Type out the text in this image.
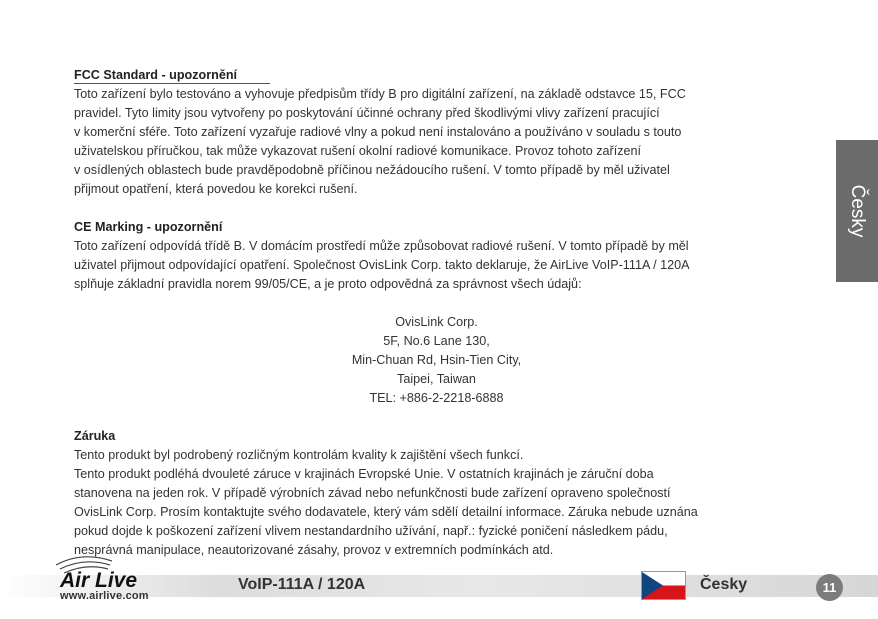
FCC Standard - upozornění

Toto zařízení bylo testováno a vyhovuje předpisům třídy B pro digitální zařízení, na základě odstavce 15, FCC

pravidel. Tyto limity jsou vytvořeny po poskytování účinné ochrany před škodlivými vlivy zařízení pracující

v komerční sféře. Toto zařízení vyzařuje radiové vlny a pokud není instalováno a používáno v souladu s touto

uživatelskou příručkou, tak může vykazovat rušení okolní radiové komunikace. Provoz tohoto zařízení

v osídlených oblastech bude pravděpodobně příčinou nežádoucího rušení. V tomto případě by měl uživatel

přijmout opatření, která povedou ke korekci rušení.

CE Marking - upozornění

Toto zařízení odpovídá třídě B. V domácím prostředí může způsobovat radiové rušení. V tomto případě by měl

uživatel přijmout odpovídající opatření. Společnost OvisLink Corp. takto deklaruje, že AirLive VoIP-111A / 120A

splňuje základní pravidla norem 99/05/CE, a je proto odpovědná za správnost všech údajů:

OvisLink Corp.
5F, No.6 Lane 130,
Min-Chuan Rd, Hsin-Tien City,
Taipei, Taiwan
TEL: +886-2-2218-6888
Záruka

Tento produkt byl podrobený rozličným kontrolám kvality k zajištění všech funkcí.

Tento produkt podléhá dvouleté záruce v krajinách Evropské Unie. V ostatních krajinách je záruční doba

stanovena na jeden rok. V případě výrobních závad nebo nefunkčnosti bude zařízení opraveno společností

OvisLink Corp. Prosím kontaktujte svého dodavatele, který vám sdělí detailní informace. Záruka nebude uznána

pokud dojde k poškození zařízení vlivem nestandardního užívání, např.: fyzické poničení následkem pádu,

nesprávná manipulace, neautorizované zásahy, provoz v extremních podmínkách atd.

Česky
Air Live
www.airlive.com
VoIP-111A / 120A	Česky	11
